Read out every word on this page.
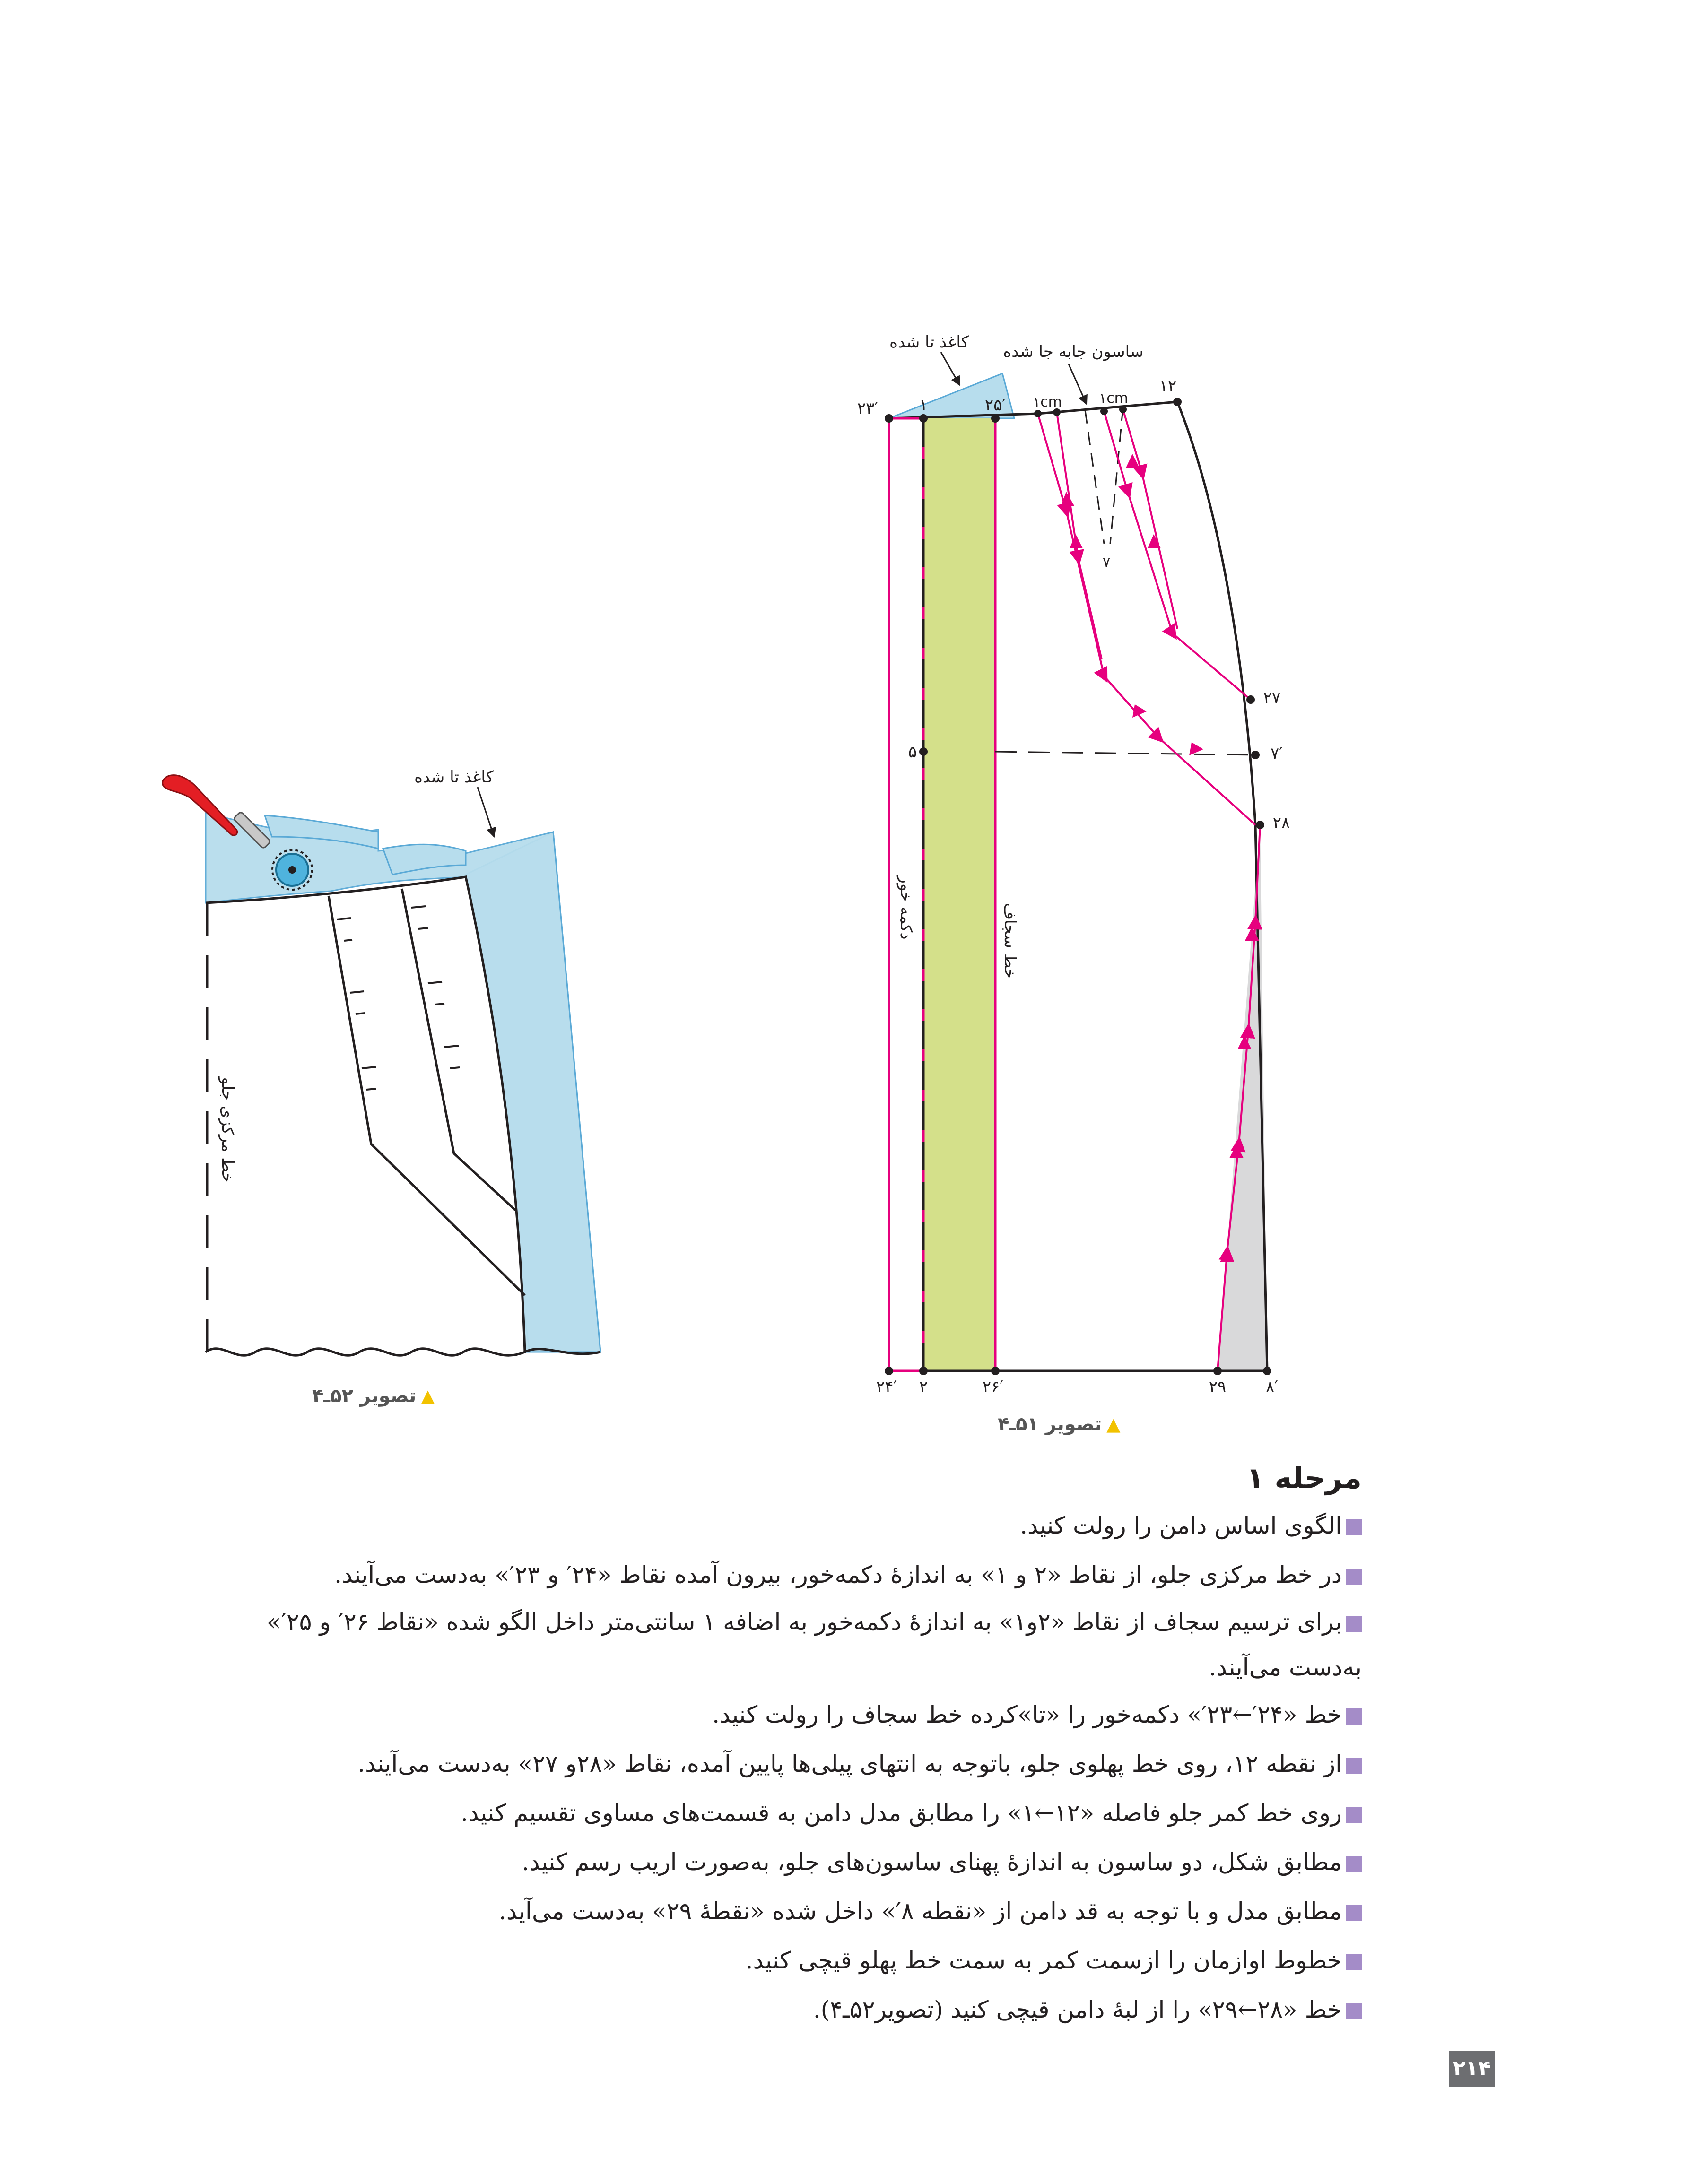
۷
۲۳′	۱	۲۵′
۱۲
۵	۷′
۲۷
۲۸
۲۴′ ۲	۲۶′	۲۹ ۸′
۱cm	۱cm
کاغذ تا شده ساسون جابه جا شده
دکمه خور	خط سجاف
کاغذ تا شده
خط مرکزی جلو
▲تصویر ۵۱ـ۴
▲تصویر ۵۲ـ۴
مرحله ۱
الگوی اساس دامن را رولت کنید.
در خط مرکزی جلو، از نقاط «۲ و ۱» به اندازهٔ دکمه‌خور، بیرون آمده نقاط «۲۴′ و ۲۳′» به‌دست می‌آیند.
برای ترسیم سجاف از نقاط «۲و۱» به اندازهٔ دکمه‌خور به اضافه ۱ سانتی‌متر داخل الگو شده «نقاط ۲۶′ و ۲۵′» به‌دست می‌آیند.
خط «۲۴′←۲۳′» دکمه‌خور را «تا»کرده خط سجاف را رولت کنید.
از نقطه ۱۲، روی خط پهلوی جلو، باتوجه به انتهای پیلی‌ها پایین آمده، نقاط «۲۸و ۲۷» به‌دست می‌آیند.
روی خط کمر جلو فاصله «۱۲←۱» را مطابق مدل دامن به قسمت‌های مساوی تقسیم کنید.
مطابق شکل، دو ساسون به اندازهٔ پهنای ساسون‌های جلو، به‌صورت اریب رسم کنید.
مطابق مدل و با توجه به قد دامن از «نقطه ۸′» داخل شده «نقطهٔ ۲۹» به‌دست می‌آید.
خطوط اوازمان را ازسمت کمر به سمت خط پهلو قیچی کنید.
خط «۲۸←۲۹» را از لبهٔ دامن قیچی کنید (تصویر۵۲ـ۴).
۲۱۴
